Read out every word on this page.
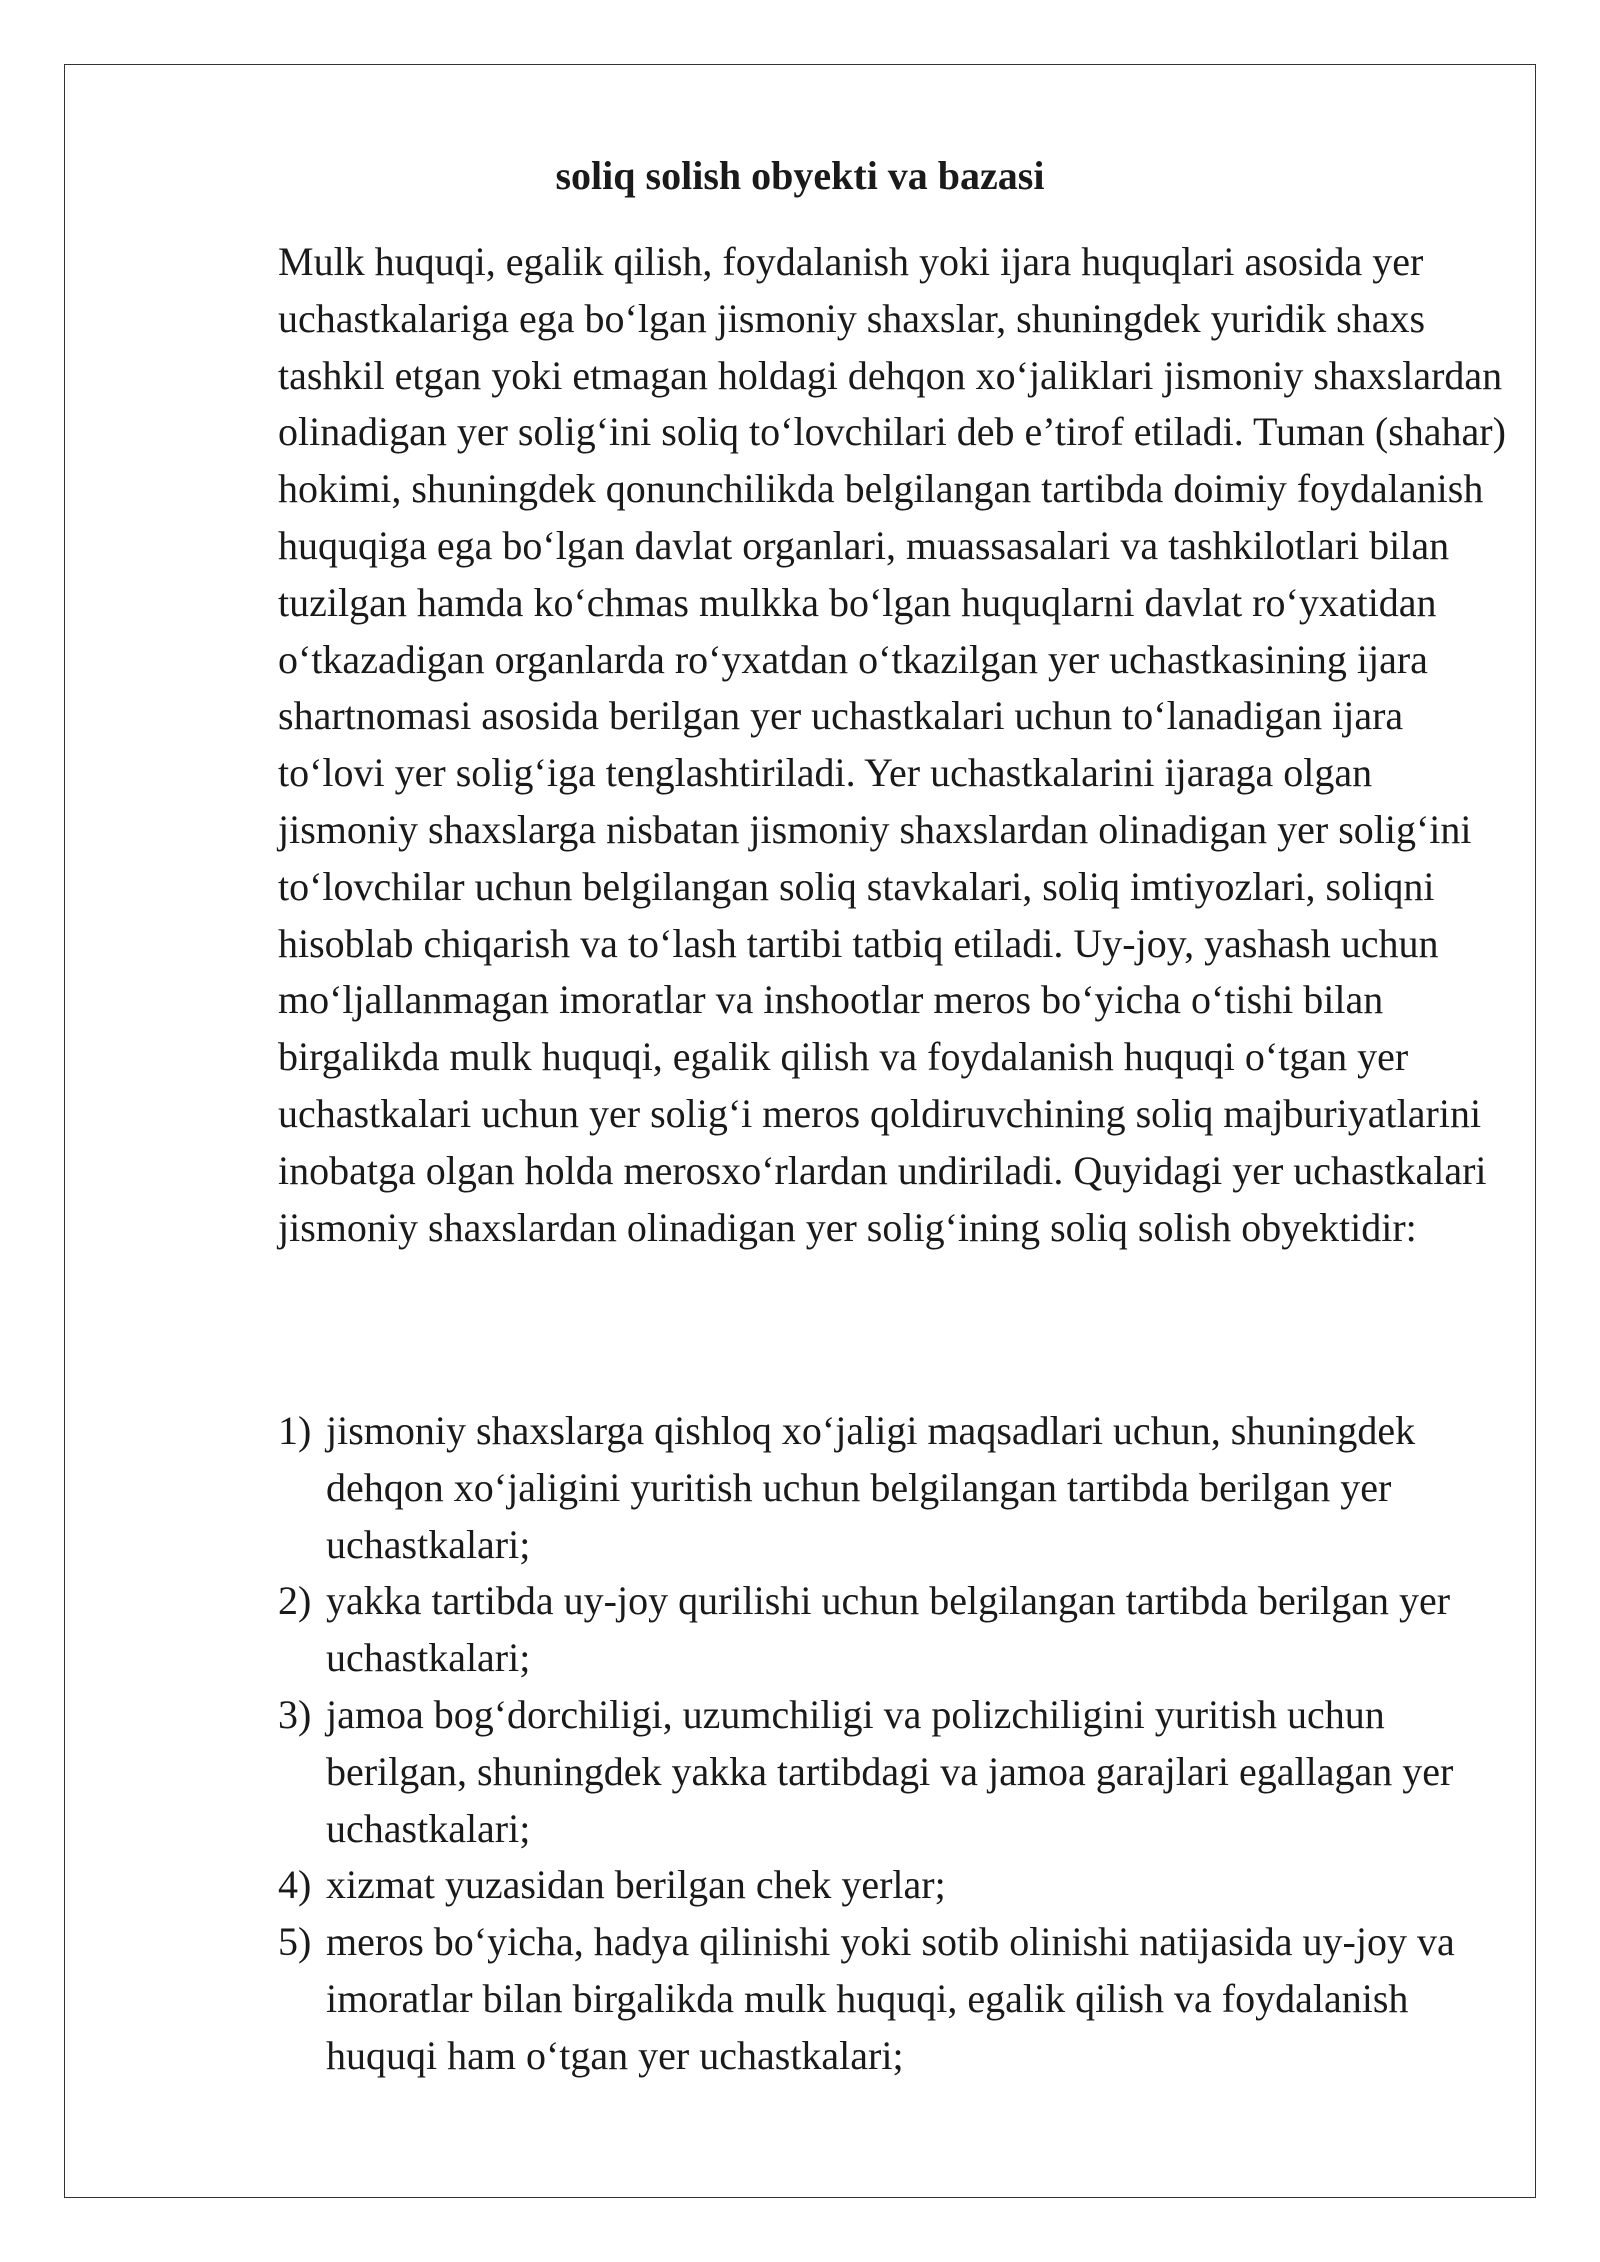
soliq solish obyekti va bazasi

Mulk huquqi, egalik qilish, foydalanish yoki ijara huquqlari asosida yer uchastkalariga ega bo‘lgan jismoniy shaxslar, shuningdek yuridik shaxs tashkil etgan yoki etmagan holdagi dehqon xo‘jaliklari jismoniy shaxslardan olinadigan yer solig‘ini soliq to‘lovchilari deb e’tirof etiladi. Tuman (shahar) hokimi, shuningdek qonunchilikda belgilangan tartibda doimiy foydalanish huquqiga ega bo‘lgan davlat organlari, muassasalari va tashkilotlari bilan tuzilgan hamda ko‘chmas mulkka bo‘lgan huquqlarni davlat ro‘yxatidan o‘tkazadigan organlarda ro‘yxatdan o‘tkazilgan yer uchastkasining ijara shartnomasi asosida berilgan yer uchastkalari uchun to‘lanadigan ijara to‘lovi yer solig‘iga tenglashtiriladi. Yer uchastkalarini ijaraga olgan jismoniy shaxslarga nisbatan jismoniy shaxslardan olinadigan yer solig‘ini to‘lovchilar uchun belgilangan soliq stavkalari, soliq imtiyozlari, soliqni hisoblab chiqarish va to‘lash tartibi tatbiq etiladi. Uy-joy, yashash uchun mo‘ljallanmagan imoratlar va inshootlar meros bo‘yicha o‘tishi bilan birgalikda mulk huquqi, egalik qilish va foydalanish huquqi o‘tgan yer uchastkalari uchun yer solig‘i meros qoldiruvchining soliq majburiyatlarini inobatga olgan holda merosxo‘rlardan undiriladi. Quyidagi yer uchastkalari jismoniy shaxslardan olinadigan yer solig‘ining soliq solish obyektidir:

1) jismoniy shaxslarga qishloq xo‘jaligi maqsadlari uchun, shuningdek dehqon xo‘jaligini yuritish uchun belgilangan tartibda berilgan yer uchastkalari;
2) yakka tartibda uy-joy qurilishi uchun belgilangan tartibda berilgan yer uchastkalari;
3) jamoa bog‘dorchiligi, uzumchiligi va polizchiligini yuritish uchun berilgan, shuningdek yakka tartibdagi va jamoa garajlari egallagan yer uchastkalari;
4) xizmat yuzasidan berilgan chek yerlar;
5) meros bo‘yicha, hadya qilinishi yoki sotib olinishi natijasida uy-joy va imoratlar bilan birgalikda mulk huquqi, egalik qilish va foydalanish huquqi ham o‘tgan yer uchastkalari;
